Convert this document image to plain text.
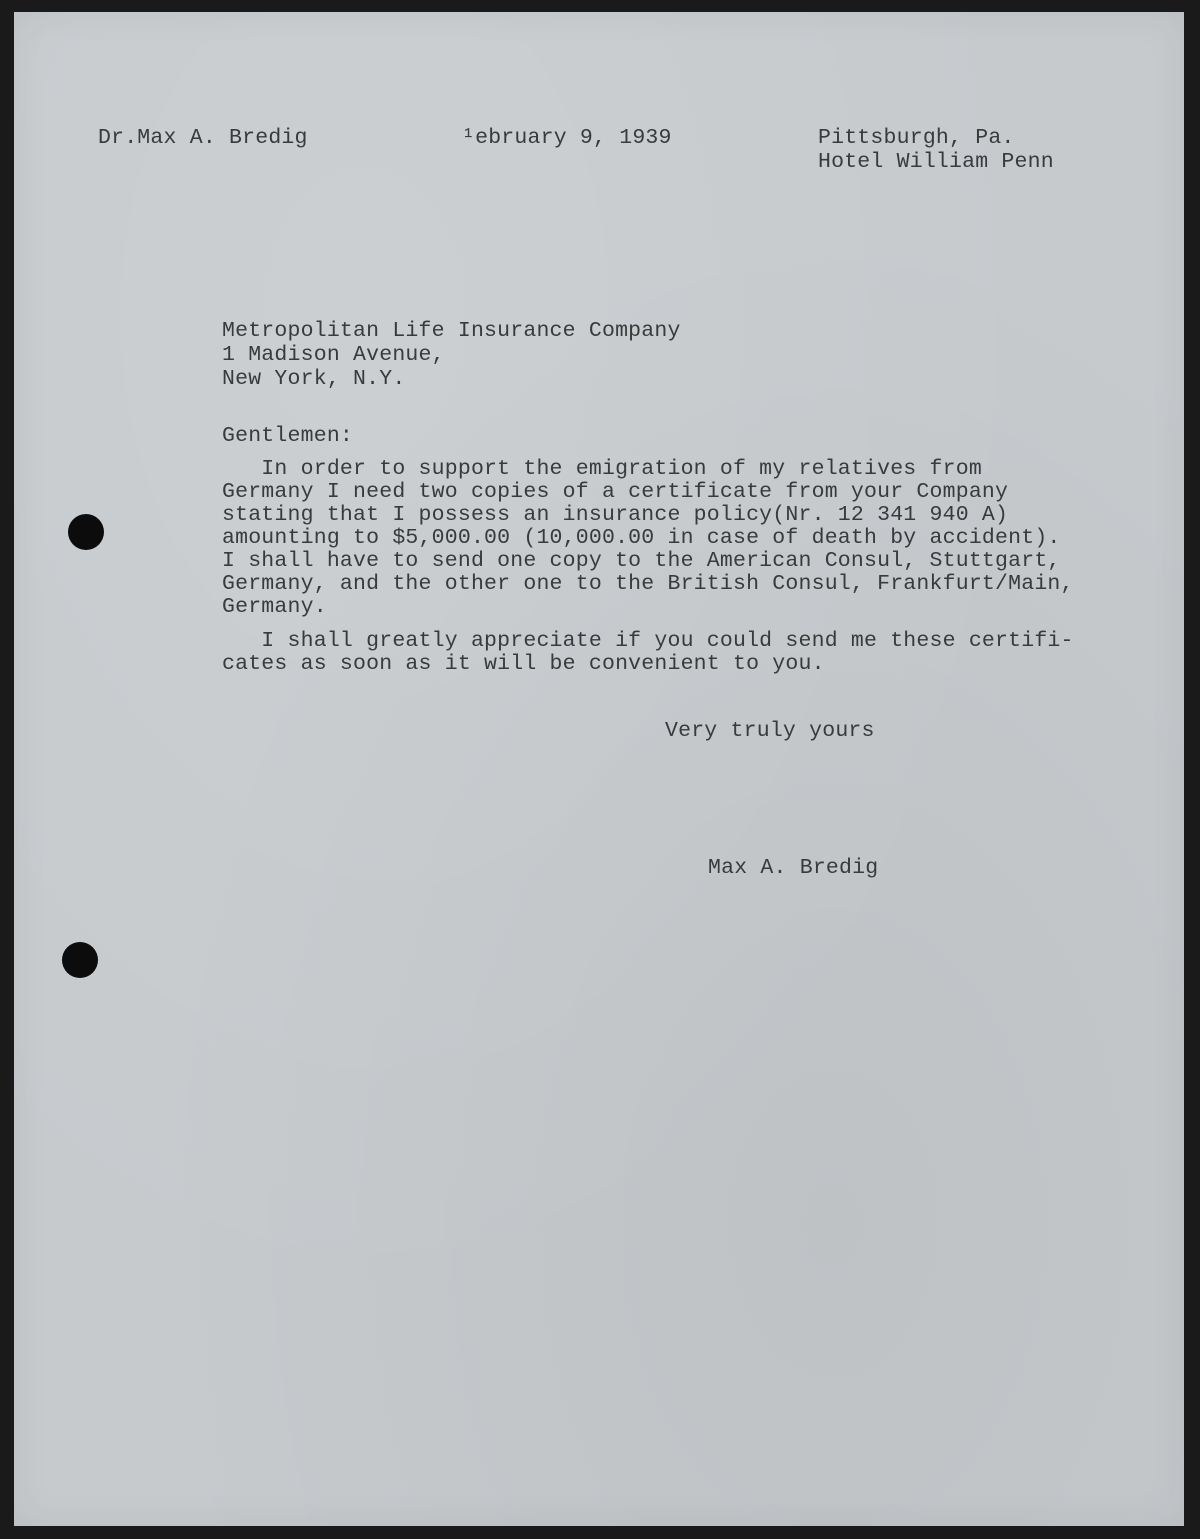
Dr.Max A. Bredig	¹ebruary 9, 1939	Pittsburgh, Pa.
Hotel William Penn
Metropolitan Life Insurance Company
1 Madison Avenue,
New York, N.Y.
Gentlemen:
In order to support the emigration of my relatives from
Germany I need two copies of a certificate from your Company
stating that I possess an insurance policy(Nr. 12 341 940 A)
amounting to $5,000.00 (10,000.00 in case of death by accident).
I shall have to send one copy to the American Consul, Stuttgart,
Germany, and the other one to the British Consul, Frankfurt/Main,
Germany.
I shall greatly appreciate if you could send me these certifi-
cates as soon as it will be convenient to you.
Very truly yours
Max A. Bredig
